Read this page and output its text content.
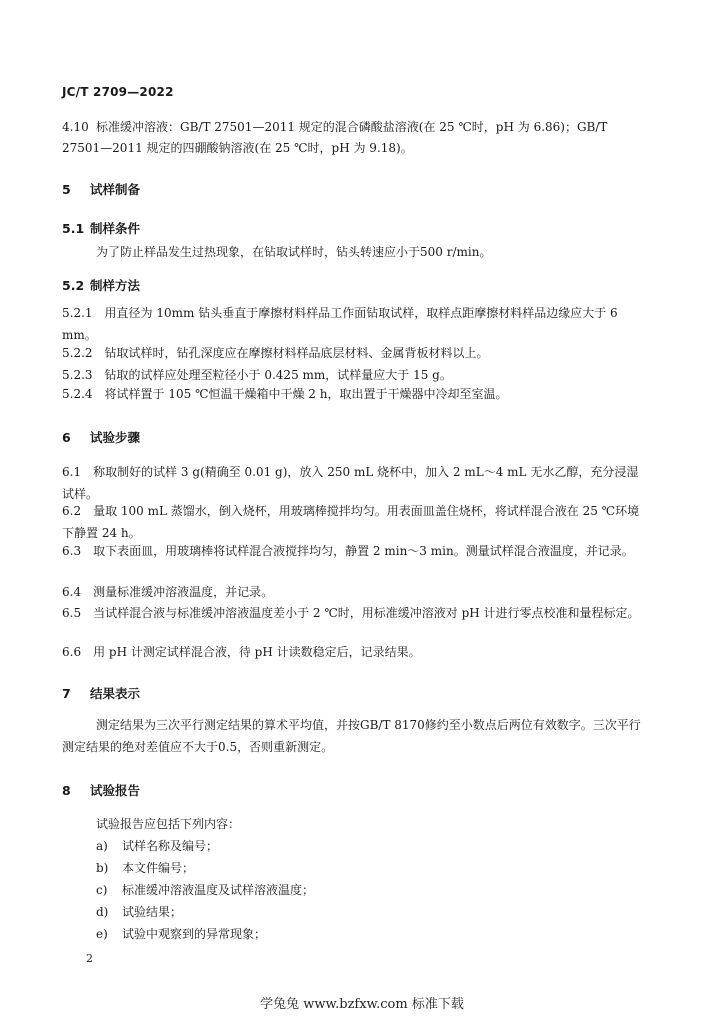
JC/T 2709—2022
4.10 标准缓冲溶液：GB/T 27501—2011 规定的混合磷酸盐溶液(在 25 ℃时，pH 为 6.86)；GB/T 27501—2011 规定的四硼酸钠溶液(在 25 ℃时，pH 为 9.18)。
5 试样制备
5.1 制样条件
为了防止样品发生过热现象，在钻取试样时，钻头转速应小于500 r/min。
5.2 制样方法
5.2.1　用直径为 10mm 钻头垂直于摩擦材料样品工作面钻取试样，取样点距摩擦材料样品边缘应大于 6 mm。
5.2.2　钻取试样时，钻孔深度应在摩擦材料样品底层材料、金属背板材料以上。
5.2.3　钻取的试样应处理至粒径小于 0.425 mm，试样量应大于 15 g。
5.2.4　将试样置于 105 ℃恒温干燥箱中干燥 2 h，取出置于干燥器中冷却至室温。
6 试验步骤
6.1　称取制好的试样 3 g(精确至 0.01 g)，放入 250 mL 烧杯中，加入 2 mL～4 mL 无水乙醇，充分浸湿试样。
6.2　量取 100 mL 蒸馏水，倒入烧杯，用玻璃棒搅拌均匀。用表面皿盖住烧杯，将试样混合液在 25 ℃环境下静置 24 h。
6.3　取下表面皿，用玻璃棒将试样混合液搅拌均匀，静置 2 min～3 min。测量试样混合液温度，并记录。
6.4　测量标准缓冲溶液温度，并记录。
6.5　当试样混合液与标准缓冲溶液温度差小于 2 ℃时，用标准缓冲溶液对 pH 计进行零点校准和量程标定。
6.6　用 pH 计测定试样混合液，待 pH 计读数稳定后，记录结果。
7 结果表示
测定结果为三次平行测定结果的算术平均值，并按GB/T 8170修约至小数点后两位有效数字。三次平行测定结果的绝对差值应不大于0.5，否则重新测定。
8 试验报告
试验报告应包括下列内容：
a)	试样名称及编号；
b)	本文件编号；
c)	标准缓冲溶液温度及试样溶液温度；
d)	试验结果；
e)	试验中观察到的异常现象；
2
学兔兔 www.bzfxw.com 标准下载
